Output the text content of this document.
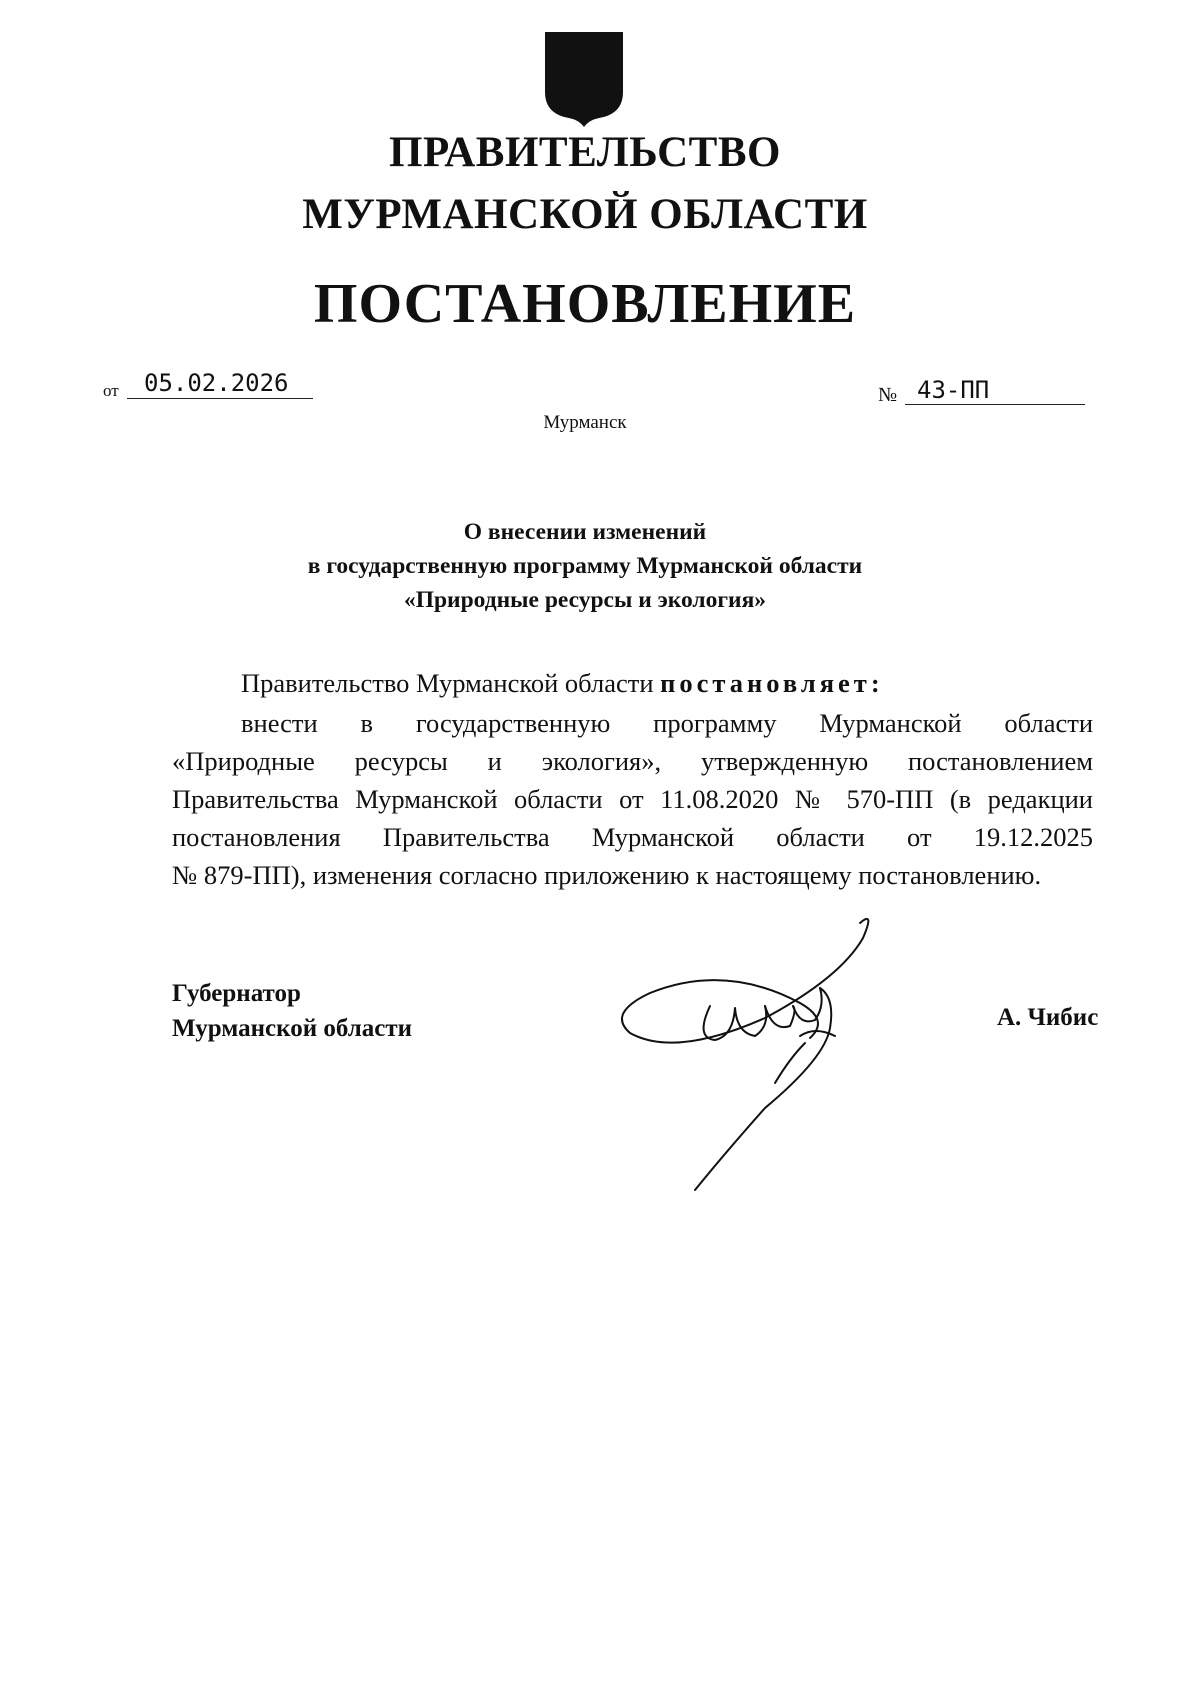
ПРАВИТЕЛЬСТВО
МУРМАНСКОЙ ОБЛАСТИ
ПОСТАНОВЛЕНИЕ
от	05.02.2026	№ 43-ПП
Мурманск
О внесении изменений
в государственную программу Мурманской области
«Природные ресурсы и экология»
Правительство Мурманской области постановляет:
внести в государственную программу Мурманской области
«Природные ресурсы и экология», утвержденную постановлением
Правительства Мурманской области от 11.08.2020 № 570-ПП (в редакции
постановления Правительства Мурманской области от 19.12.2025
№ 879-ПП), изменения согласно приложению к настоящему постановлению.
Губернатор
Мурманской области	А. Чибис
